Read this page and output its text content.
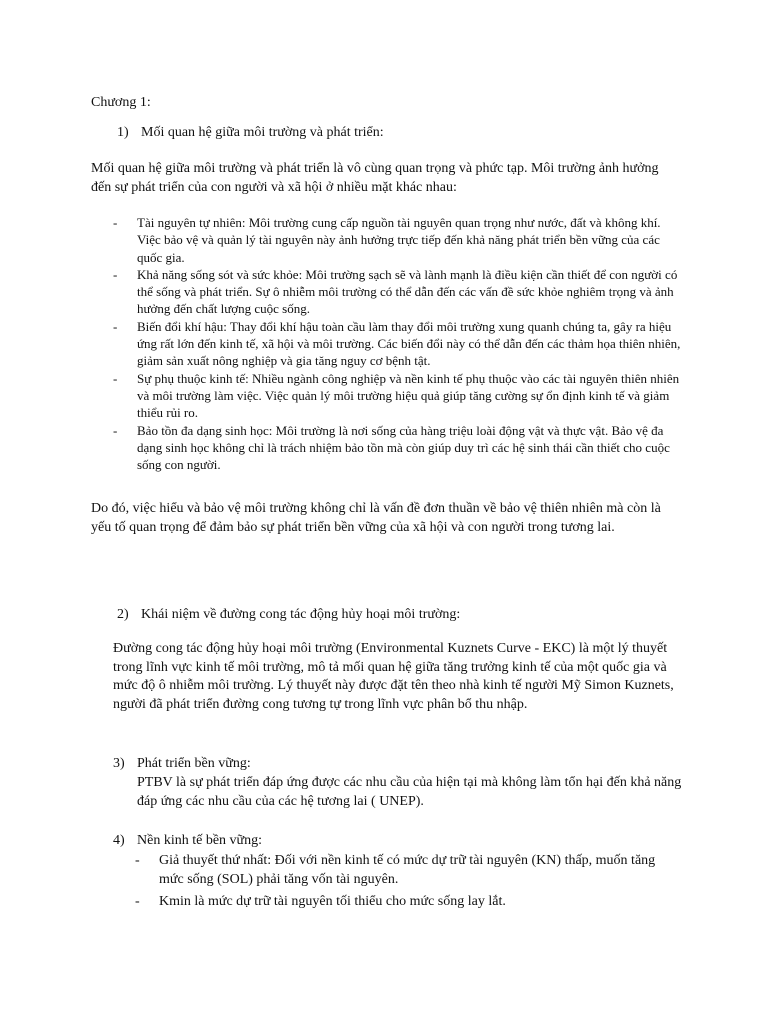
Chương 1:
1) Mối quan hệ giữa môi trường và phát triển:
Mối quan hệ giữa môi trường và phát triển là vô cùng quan trọng và phức tạp. Môi trường ảnh hưởng đến sự phát triển của con người và xã hội ở nhiều mặt khác nhau:

- Tài nguyên tự nhiên: Môi trường cung cấp nguồn tài nguyên quan trọng như nước, đất và không khí. Việc bảo vệ và quản lý tài nguyên này ảnh hưởng trực tiếp đến khả năng phát triển bền vững của các quốc gia.

- Khả năng sống sót và sức khỏe: Môi trường sạch sẽ và lành mạnh là điều kiện cần thiết để con người có thể sống và phát triển. Sự ô nhiễm môi trường có thể dẫn đến các vấn đề sức khỏe nghiêm trọng và ảnh hưởng đến chất lượng cuộc sống.

- Biến đổi khí hậu: Thay đổi khí hậu toàn cầu làm thay đổi môi trường xung quanh chúng ta, gây ra hiệu ứng rất lớn đến kinh tế, xã hội và môi trường. Các biến đổi này có thể dẫn đến các thảm họa thiên nhiên, giảm sản xuất nông nghiệp và gia tăng nguy cơ bệnh tật.

- Sự phụ thuộc kinh tế: Nhiều ngành công nghiệp và nền kinh tế phụ thuộc vào các tài nguyên thiên nhiên và môi trường làm việc. Việc quản lý môi trường hiệu quả giúp tăng cường sự ổn định kinh tế và giảm thiểu rủi ro.

- Bảo tồn đa dạng sinh học: Môi trường là nơi sống của hàng triệu loài động vật và thực vật. Bảo vệ đa dạng sinh học không chỉ là trách nhiệm bảo tồn mà còn giúp duy trì các hệ sinh thái cần thiết cho cuộc sống con người.

Do đó, việc hiểu và bảo vệ môi trường không chỉ là vấn đề đơn thuần về bảo vệ thiên nhiên mà còn là yếu tố quan trọng để đảm bảo sự phát triển bền vững của xã hội và con người trong tương lai.
2) Khái niệm về đường cong tác động hủy hoại môi trường:
Đường cong tác động hủy hoại môi trường (Environmental Kuznets Curve - EKC) là một lý thuyết trong lĩnh vực kinh tế môi trường, mô tả mối quan hệ giữa tăng trưởng kinh tế của một quốc gia và mức độ ô nhiễm môi trường. Lý thuyết này được đặt tên theo nhà kinh tế người Mỹ Simon Kuznets, người đã phát triển đường cong tương tự trong lĩnh vực phân bổ thu nhập.
3) Phát triển bền vững:
PTBV là sự phát triển đáp ứng được các nhu cầu của hiện tại mà không làm tổn hại đến khả năng đáp ứng các nhu cầu của các hệ tương lai ( UNEP).
4) Nền kinh tế bền vững:

- Giả thuyết thứ nhất: Đối với nền kinh tế có mức dự trữ tài nguyên (KN) thấp, muốn tăng mức sống (SOL) phải tăng vốn tài nguyên.

- Kmin là mức dự trữ tài nguyên tối thiểu cho mức sống lay lắt.
